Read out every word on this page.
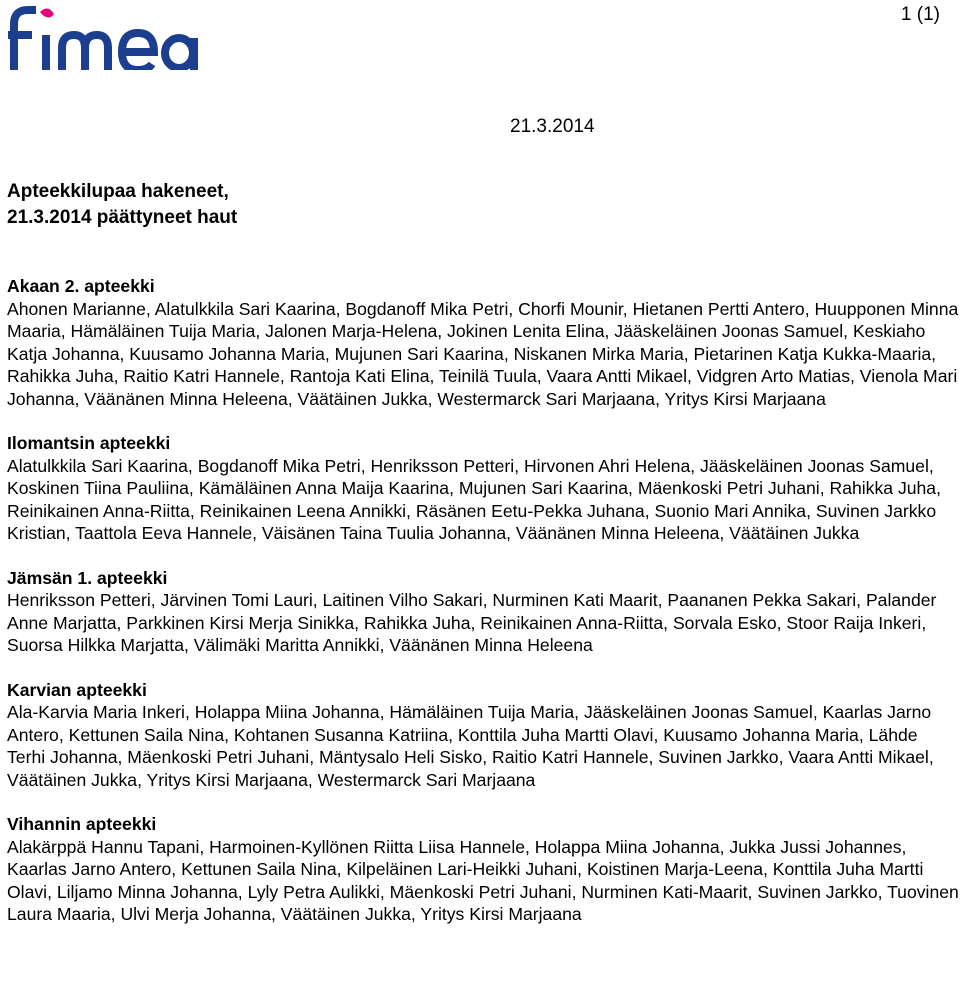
1 (1)
21.3.2014
Apteekkilupaa hakeneet,
21.3.2014 päättyneet haut
Akaan 2. apteekki

Ahonen Marianne, Alatulkkila Sari Kaarina, Bogdanoff Mika Petri, Chorfi Mounir, Hietanen Pertti Antero, Huupponen Minna Maaria, Hämäläinen Tuija Maria, Jalonen Marja-Helena, Jokinen Lenita Elina, Jääskeläinen Joonas Samuel, Keskiaho Katja Johanna, Kuusamo Johanna Maria, Mujunen Sari Kaarina, Niskanen Mirka Maria, Pietarinen Katja Kukka-Maaria, Rahikka Juha, Raitio Katri Hannele, Rantoja Kati Elina, Teinilä Tuula, Vaara Antti Mikael, Vidgren Arto Matias, Vienola Mari Johanna, Väänänen Minna Heleena, Väätäinen Jukka, Westermarck Sari Marjaana, Yritys Kirsi Marjaana

Ilomantsin apteekki

Alatulkkila Sari Kaarina, Bogdanoff Mika Petri, Henriksson Petteri, Hirvonen Ahri Helena, Jääskeläinen Joonas Samuel, Koskinen Tiina Pauliina, Kämäläinen Anna Maija Kaarina, Mujunen Sari Kaarina, Mäenkoski Petri Juhani, Rahikka Juha, Reinikainen Anna-Riitta, Reinikainen Leena Annikki, Räsänen Eetu-Pekka Juhana, Suonio Mari Annika, Suvinen Jarkko Kristian, Taattola Eeva Hannele, Väisänen Taina Tuulia Johanna, Väänänen Minna Heleena, Väätäinen Jukka

Jämsän 1. apteekki

Henriksson Petteri, Järvinen Tomi Lauri, Laitinen Vilho Sakari, Nurminen Kati Maarit, Paananen Pekka Sakari, Palander Anne Marjatta, Parkkinen Kirsi Merja Sinikka, Rahikka Juha, Reinikainen Anna-Riitta, Sorvala Esko, Stoor Raija Inkeri, Suorsa Hilkka Marjatta, Välimäki Maritta Annikki, Väänänen Minna Heleena

Karvian apteekki

Ala-Karvia Maria Inkeri, Holappa Miina Johanna, Hämäläinen Tuija Maria, Jääskeläinen Joonas Samuel, Kaarlas Jarno Antero, Kettunen Saila Nina, Kohtanen Susanna Katriina, Konttila Juha Martti Olavi, Kuusamo Johanna Maria, Lähde Terhi Johanna, Mäenkoski Petri Juhani, Mäntysalo Heli Sisko, Raitio Katri Hannele, Suvinen Jarkko, Vaara Antti Mikael, Väätäinen Jukka, Yritys Kirsi Marjaana, Westermarck Sari Marjaana

Vihannin apteekki

Alakärppä Hannu Tapani, Harmoinen-Kyllönen Riitta Liisa Hannele, Holappa Miina Johanna, Jukka Jussi Johannes, Kaarlas Jarno Antero, Kettunen Saila Nina, Kilpeläinen Lari-Heikki Juhani, Koistinen Marja-Leena, Konttila Juha Martti Olavi, Liljamo Minna Johanna, Lyly Petra Aulikki, Mäenkoski Petri Juhani, Nurminen Kati-Maarit, Suvinen Jarkko, Tuovinen Laura Maaria, Ulvi Merja Johanna, Väätäinen Jukka, Yritys Kirsi Marjaana
